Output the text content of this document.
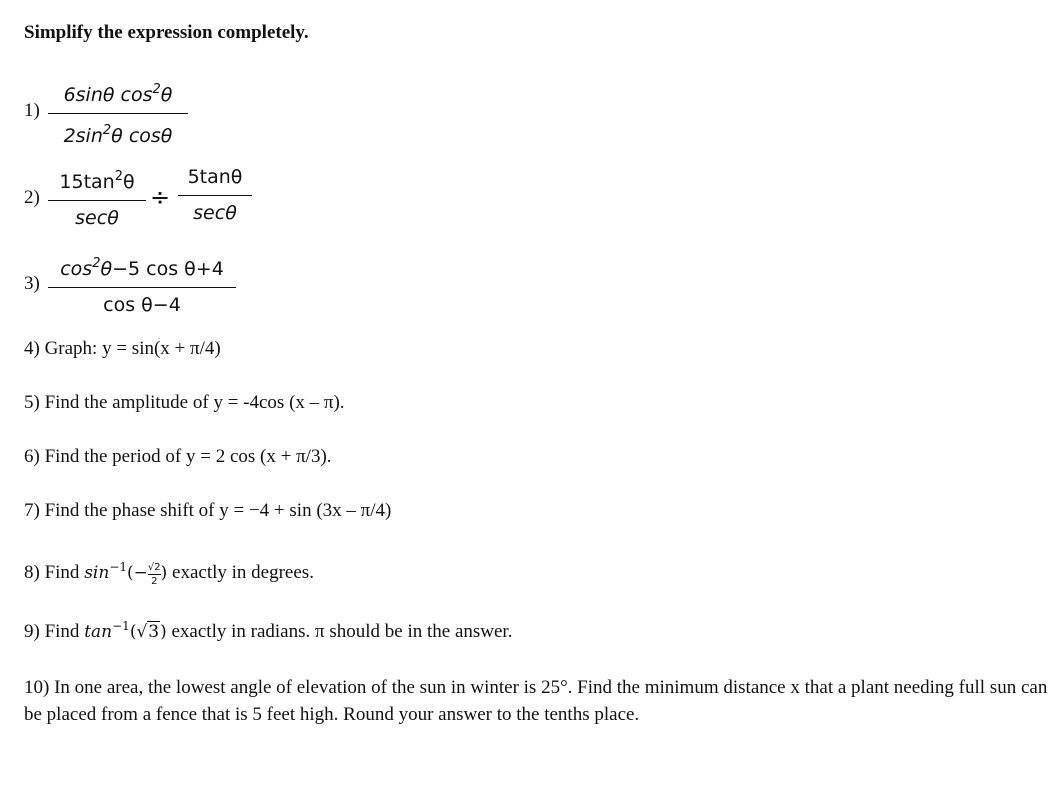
Simplify the expression completely.
1)
6sinθ $\cos^2\theta$
$2\sin^2\theta$ cosθ
2)
$15\tan^2\theta$
secθ
÷
5tanθ
secθ
3)
$\cos^2\theta-5$ cos θ+4
cos θ−4
4) Graph: y = sin(x + π/4)
5) Find the amplitude of y = -4cos (x – π).
6) Find the period of y = 2 cos (x + π/3).
7) Find the phase shift of y = −4 + sin (3x – π/4)
8) Find $\sin^{-1}(- \frac{√2}{2}$ ) exactly in degrees.
9) Find $\tan^{-1}(√3)$ exactly in radians. π should be in the answer.
10) In one area, the lowest angle of elevation of the sun in winter is 25°. Find the minimum distance x that a plant needing full sun can be placed from a fence that is 5 feet high. Round your answer to the tenths place.
